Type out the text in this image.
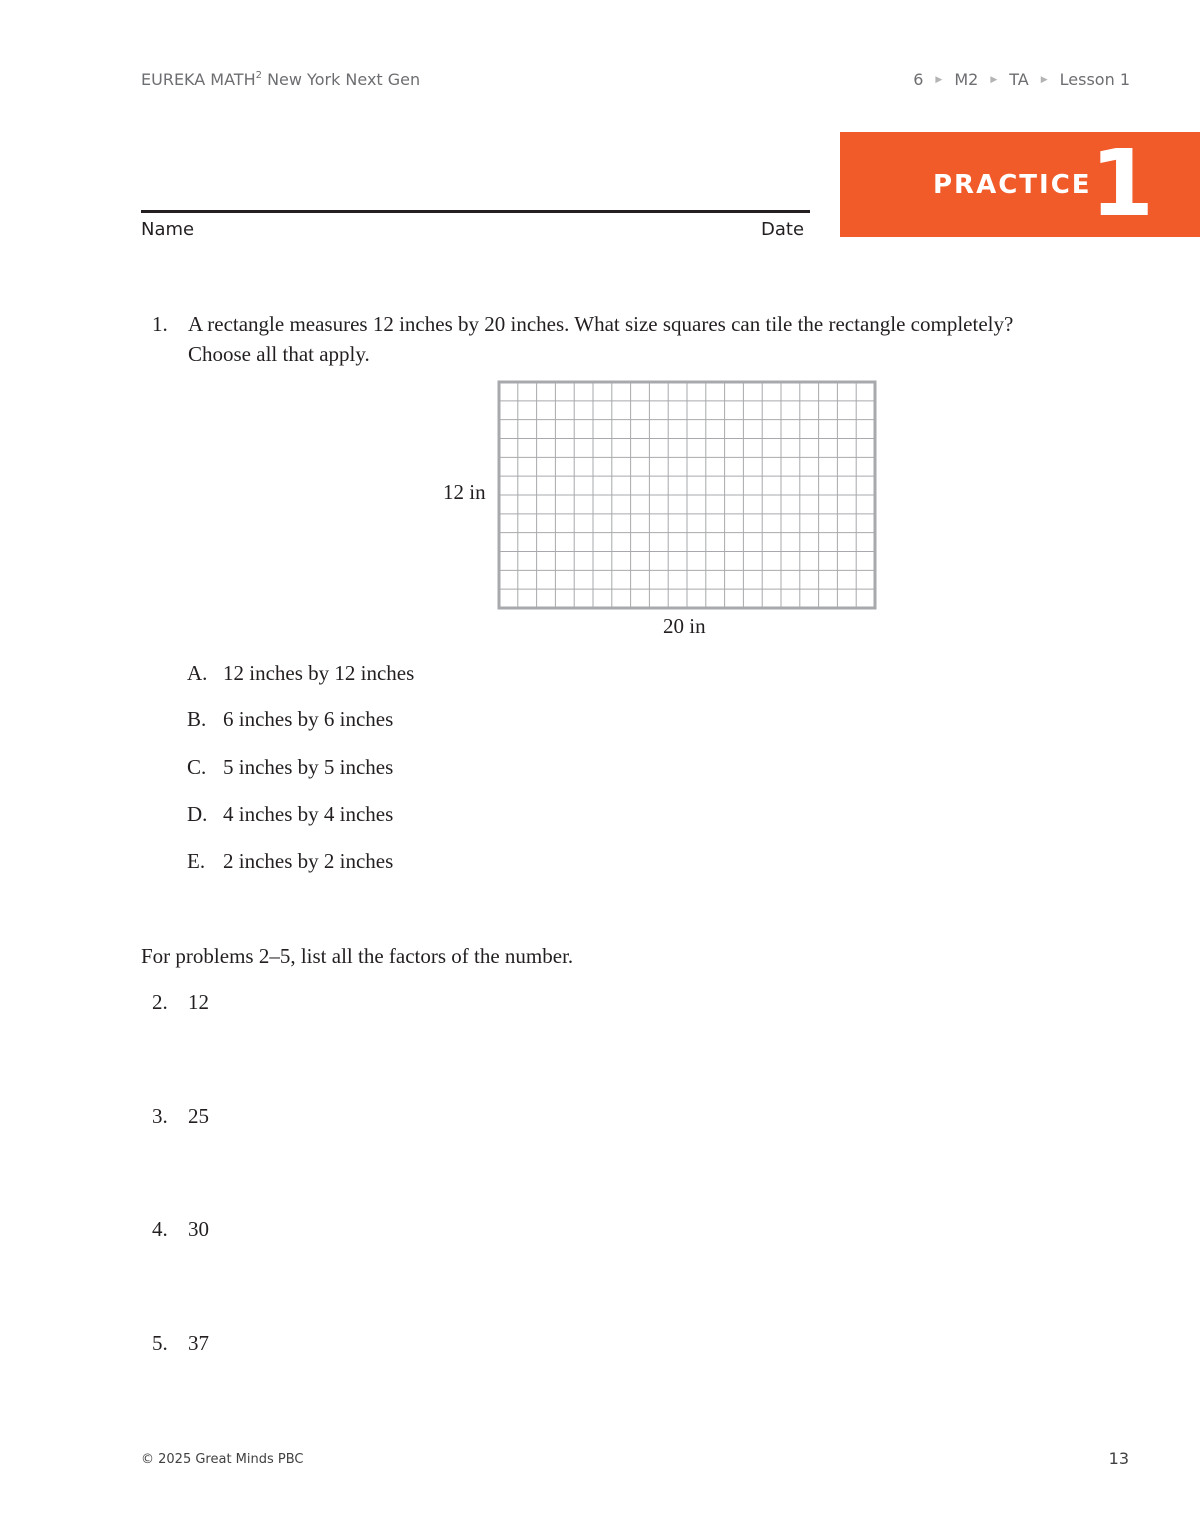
EUREKA MATH$^2$ New York Next Gen	6 ▶ M2 ▶ TA ▶ Lesson 1
PRACTICE
1
Name	Date
1. A rectangle measures 12 inches by 20 inches. What size squares can tile the rectangle completely? Choose all that apply.
12 in
20 in
A. 12 inches by 12 inches
B. 6 inches by 6 inches
C. 5 inches by 5 inches
D. 4 inches by 4 inches
E. 2 inches by 2 inches
For problems 2–5, list all the factors of the number.
2. 12
3. 25
4. 30
5. 37
© 2025 Great Minds PBC	13
